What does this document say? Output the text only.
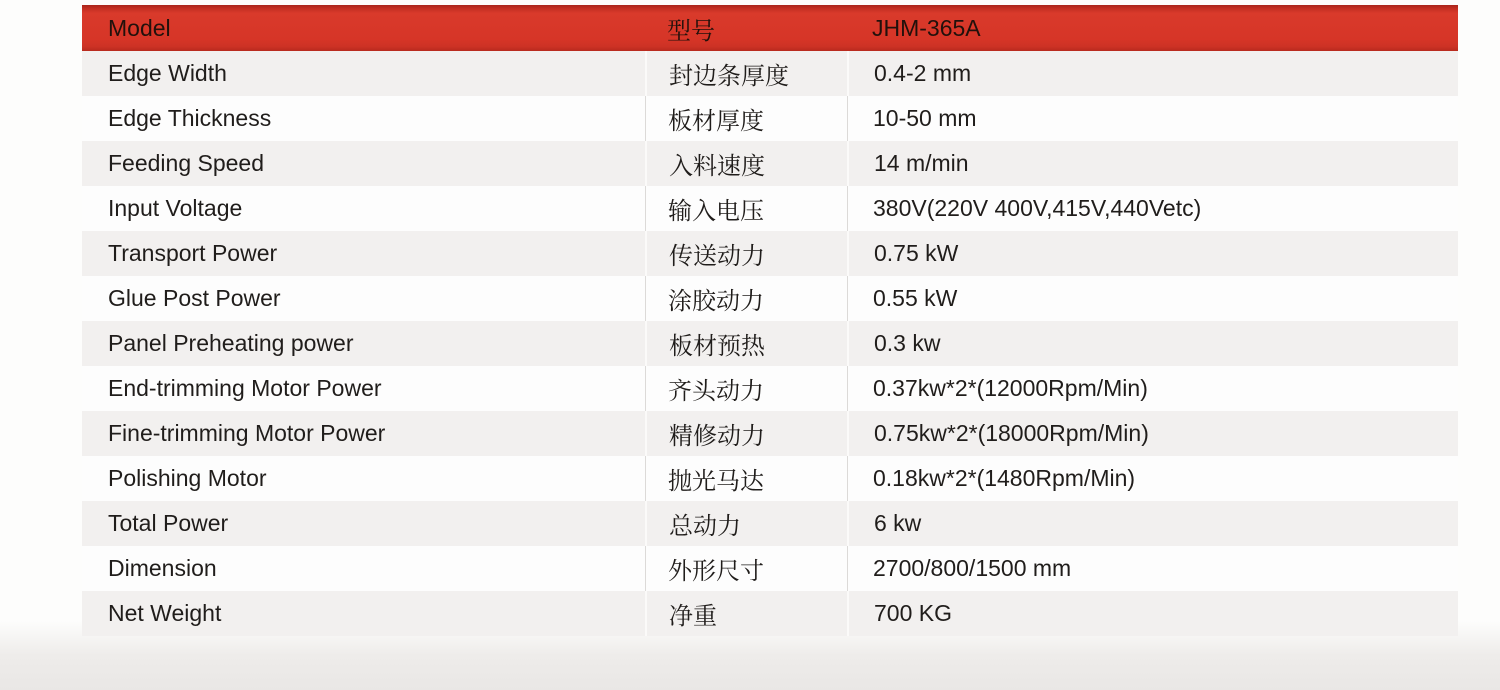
Model	型号	JHM-365A
Edge Width	封边条厚度	0.4-2 mm
Edge Thickness	板材厚度	10-50 mm
Feeding Speed	入料速度	14 m/min
Input Voltage	输入电压	380V(220V 400V,415V,440Vetc)
Transport Power	传送动力	0.75 kW
Glue Post Power	涂胶动力	0.55 kW
Panel Preheating power	板材预热	0.3 kw
End-trimming Motor Power	齐头动力	0.37kw*2*(12000Rpm/Min)
Fine-trimming Motor Power	精修动力	0.75kw*2*(18000Rpm/Min)
Polishing Motor	抛光马达	0.18kw*2*(1480Rpm/Min)
Total Power	总动力	6 kw
Dimension	外形尺寸	2700/800/1500 mm
Net Weight	净重	700 KG
